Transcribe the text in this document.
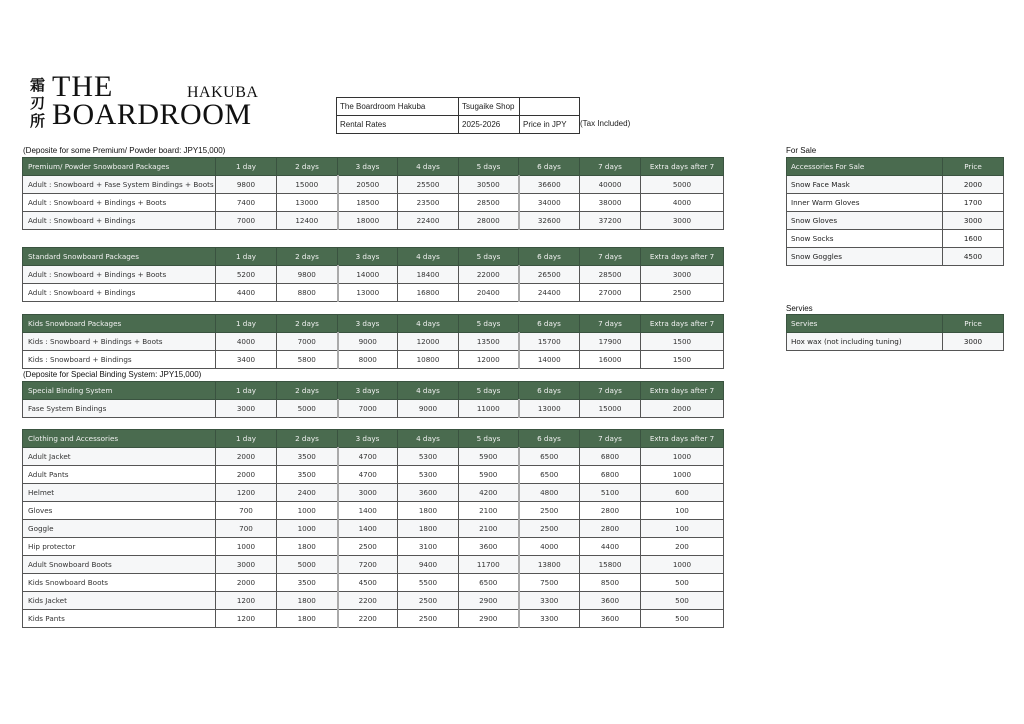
霜刃所
THE
BOARDROOM
HAKUBA
The Boardroom Hakuba	Tsugaike Shop	
Rental Rates	2025-2026	Price in JPY (Tax Included)
(Deposite for some Premium/ Powder board: JPY15,000)
(Deposite for Special Binding System: JPY15,000)
Premium/ Powder Snowboard Packages	1 day	2 days	3 days	4 days	5 days	6 days	7 days	Extra days after 7
Adult : Snowboard + Fase System Bindings + Boots	9800	15000	20500	25500	30500	36600	40000	5000
Adult : Snowboard + Bindings + Boots	7400	13000	18500	23500	28500	34000	38000	4000
Adult : Snowboard + Bindings	7000	12400	18000	22400	28000	32600	37200	3000
Standard Snowboard Packages	1 day	2 days	3 days	4 days	5 days	6 days	7 days	Extra days after 7
Adult : Snowboard + Bindings + Boots	5200	9800	14000	18400	22000	26500	28500	3000
Adult : Snowboard + Bindings	4400	8800	13000	16800	20400	24400	27000	2500
Kids Snowboard Packages	1 day	2 days	3 days	4 days	5 days	6 days	7 days	Extra days after 7
Kids : Snowboard + Bindings + Boots	4000	7000	9000	12000	13500	15700	17900	1500
Kids : Snowboard + Bindings	3400	5800	8000	10800	12000	14000	16000	1500
Special Binding System	1 day	2 days	3 days	4 days	5 days	6 days	7 days	Extra days after 7
Fase System Bindings	3000	5000	7000	9000	11000	13000	15000	2000
Clothing and Accessories	1 day	2 days	3 days	4 days	5 days	6 days	7 days	Extra days after 7
Adult Jacket	2000	3500	4700	5300	5900	6500	6800	1000
Adult Pants	2000	3500	4700	5300	5900	6500	6800	1000
Helmet	1200	2400	3000	3600	4200	4800	5100	600
Gloves	700	1000	1400	1800	2100	2500	2800	100
Goggle	700	1000	1400	1800	2100	2500	2800	100
Hip protector	1000	1800	2500	3100	3600	4000	4400	200
Adult Snowboard Boots	3000	5000	7200	9400	11700	13800	15800	1000
Kids Snowboard Boots	2000	3500	4500	5500	6500	7500	8500	500
Kids Jacket	1200	1800	2200	2500	2900	3300	3600	500
Kids Pants	1200	1800	2200	2500	2900	3300	3600	500
For Sale
Accessories For Sale	Price
Snow Face Mask	2000
Inner Warm Gloves	1700
Snow Gloves	3000
Snow Socks	1600
Snow Goggles	4500
Servies
Servies	Price
Hox wax (not including tuning)	3000
